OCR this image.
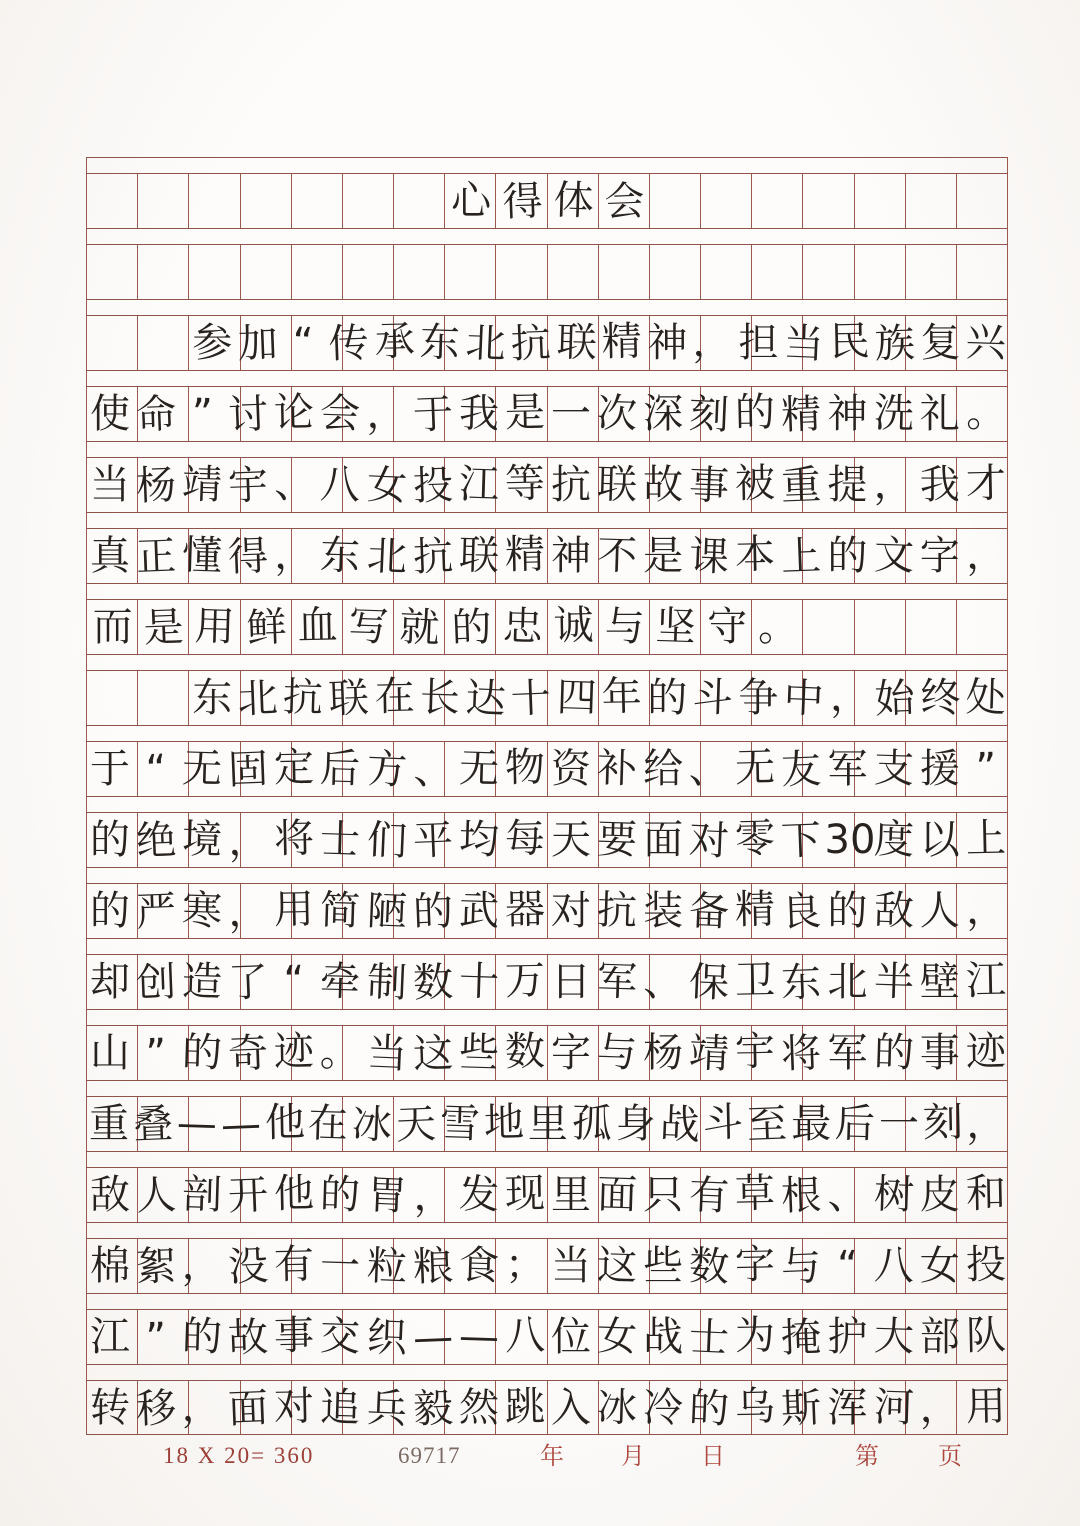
心 得 体 会
参 加 “ 传 承 东 北 抗 联 精 神 ， 担 当 民 族 复 兴
使 命 ” 讨 论 会 ， 于 我 是 一 次 深 刻 的 精 神 洗 礼 。
当 杨 靖 宇 、 八 女 投 江 等 抗 联 故 事 被 重 提 ， 我 才
真 正 懂 得 ， 东 北 抗 联 精 神 不 是 课 本 上 的 文 字 ，
而 是 用 鲜 血 写 就 的 忠 诚 与 坚 守 。
东 北 抗 联 在 长 达 十 四 年 的 斗 争 中 ， 始 终 处
于 “ 无 固 定 后 方 、 无 物 资 补 给 、 无 友 军 支 援 ”
的 绝 境 ， 将 士 们 平 均 每 天 要 面 对 零 下 30
度 以 上
的 严 寒 ， 用 简 陋 的 武 器 对 抗 装 备 精 良 的 敌 人 ，
却 创 造 了 “ 牵 制 数 十 万 日 军 、 保 卫 东 北 半 壁 江
山 ” 的 奇 迹 。 当 这 些 数 字 与 杨 靖 宇 将 军 的 事 迹
重 叠 — — 他 在 冰 天 雪 地 里 孤 身 战 斗 至 最 后 一 刻 ，
敌 人 剖 开 他 的 胃 ， 发 现 里 面 只 有 草 根 、 树 皮 和
棉 絮 ， 没 有 一 粒 粮 食 ； 当 这 些 数 字 与 “ 八 女 投
江 ” 的 故 事 交 织 — — 八 位 女 战 士 为 掩 护 大 部 队
转 移 ， 面 对 追 兵 毅 然 跳 入 冰 冷 的 乌 斯 浑 河 ， 用
18 X 20= 360	69717	年 月 日	第 页
